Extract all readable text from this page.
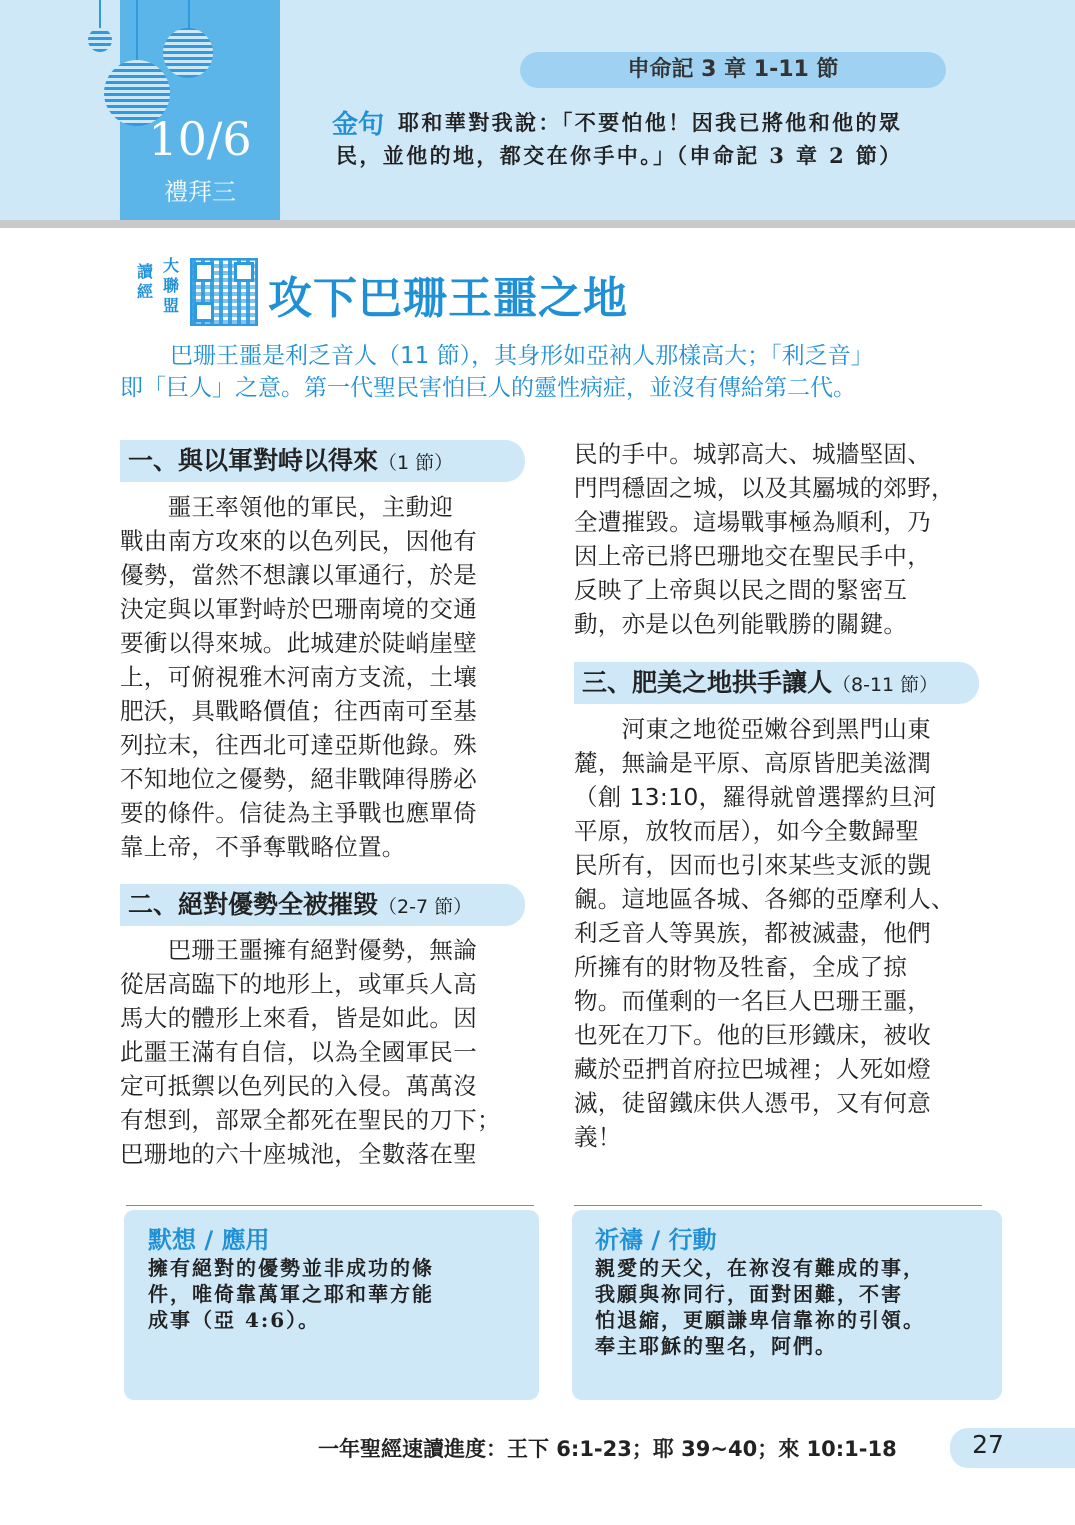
10/6
禮拜三
申命記 3 章 1-11 節
金句 耶和華對我說：「不要怕他！因我已將他和他的眾
民，並他的地，都交在你手中。」（申命記 3 章 2 節）
讀經
大聯盟 攻下巴珊王噩之地

巴珊王噩是利乏音人（11 節），其身形如亞衲人那樣高大；「利乏音」

即「巨人」之意。第一代聖民害怕巨人的靈性病症，並沒有傳給第二代。

一、與以軍對峙以得來（1 節）

　　噩王率領他的軍民，主動迎

戰由南方攻來的以色列民，因他有

優勢，當然不想讓以軍通行，於是

決定與以軍對峙於巴珊南境的交通

要衝以得來城。此城建於陡峭崖壁

上，可俯視雅木河南方支流，土壤

肥沃，具戰略價值；往西南可至基

列拉末，往西北可達亞斯他錄。殊

不知地位之優勢，絕非戰陣得勝必

要的條件。信徒為主爭戰也應單倚

靠上帝，不爭奪戰略位置。

二、絕對優勢全被摧毀（2-7 節）

　　巴珊王噩擁有絕對優勢，無論

從居高臨下的地形上，或軍兵人高

馬大的體形上來看，皆是如此。因

此噩王滿有自信，以為全國軍民一

定可抵禦以色列民的入侵。萬萬沒

有想到，部眾全都死在聖民的刀下；

巴珊地的六十座城池，全數落在聖

民的手中。城郭高大、城牆堅固、

門閂穩固之城，以及其屬城的郊野，

全遭摧毀。這場戰事極為順利，乃

因上帝已將巴珊地交在聖民手中，

反映了上帝與以民之間的緊密互

動，亦是以色列能戰勝的關鍵。

三、肥美之地拱手讓人（8-11 節）

　　河東之地從亞嫩谷到黑門山東

麓，無論是平原、高原皆肥美滋潤

（創 13:10，羅得就曾選擇約旦河

平原，放牧而居），如今全數歸聖

民所有，因而也引來某些支派的覬

覦。這地區各城、各鄉的亞摩利人、

利乏音人等異族，都被滅盡，他們

所擁有的財物及牲畜，全成了掠

物。而僅剩的一名巨人巴珊王噩，

也死在刀下。他的巨形鐵床，被收

藏於亞捫首府拉巴城裡；人死如燈

滅，徒留鐵床供人憑弔，又有何意

義！

默想 / 應用
擁有絕對的優勢並非成功的條
件，唯倚靠萬軍之耶和華方能
成事（亞 4:6）。
祈禱 / 行動
親愛的天父，在祢沒有難成的事，
我願與祢同行，面對困難，不害
怕退縮，更願謙卑信靠祢的引領。
奉主耶穌的聖名，阿們。
一年聖經速讀進度：王下 6:1-23；耶 39~40；來 10:1-18	27
